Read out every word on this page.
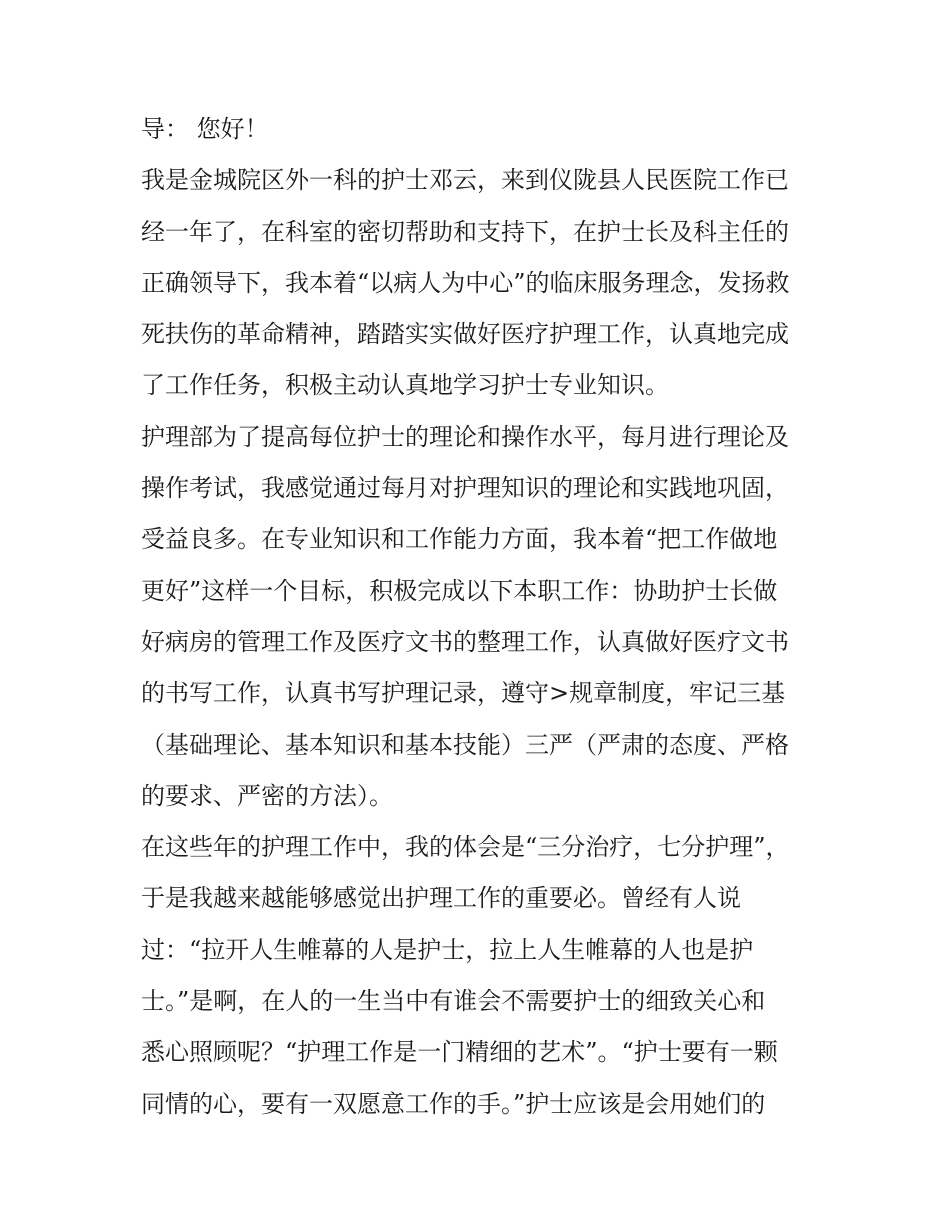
导： 您好！
我是金城院区外一科的护士邓云，来到仪陇县人民医院工作已
经一年了，在科室的密切帮助和支持下，在护士长及科主任的
正确领导下，我本着“以病人为中心”的临床服务理念，发扬救
死扶伤的革命精神，踏踏实实做好医疗护理工作，认真地完成
了工作任务，积极主动认真地学习护士专业知识。
护理部为了提高每位护士的理论和操作水平，每月进行理论及
操作考试，我感觉通过每月对护理知识的理论和实践地巩固，
受益良多。在专业知识和工作能力方面，我本着“把工作做地
更好”这样一个目标，积极完成以下本职工作：协助护士长做
好病房的管理工作及医疗文书的整理工作，认真做好医疗文书
的书写工作，认真书写护理记录，遵守>规章制度，牢记三基
（基础理论、基本知识和基本技能）三严（严肃的态度、严格
的要求、严密的方法）。
在这些年的护理工作中，我的体会是“三分治疗，七分护理”，
于是我越来越能够感觉出护理工作的重要必。曾经有人说
过：“拉开人生帷幕的人是护士，拉上人生帷幕的人也是护
士。”是啊，在人的一生当中有谁会不需要护士的细致关心和
悉心照顾呢？“护理工作是一门精细的艺术”。“护士要有一颗
同情的心，要有一双愿意工作的手。”护士应该是会用她们的
